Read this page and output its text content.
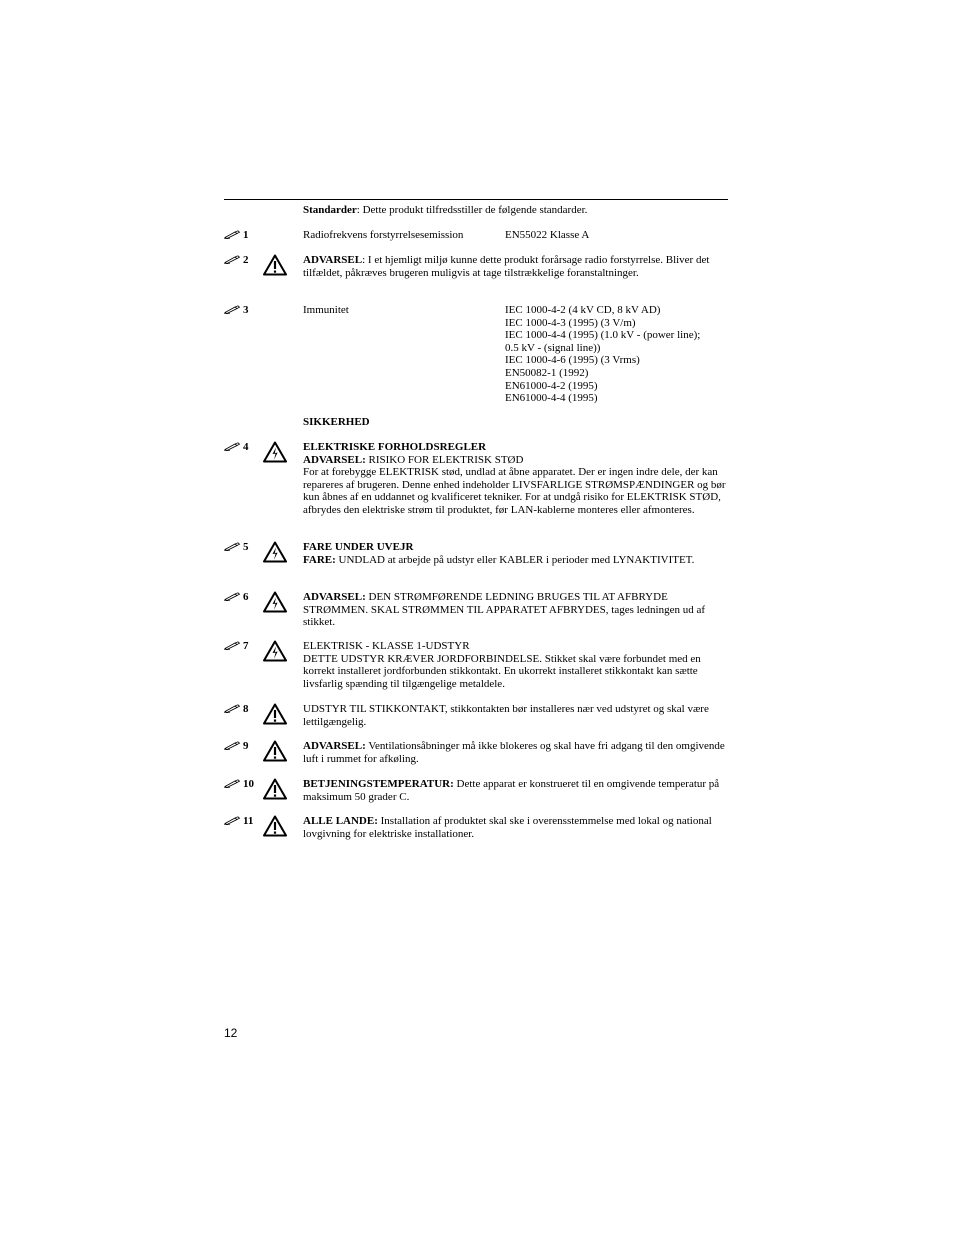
Standarder: Dette produkt tilfredsstiller de følgende standarder.
1	Radiofrekvens forstyrrelsesemission	EN55022 Klasse A
2	ADVARSEL: I et hjemligt miljø kunne dette produkt forårsage radio forstyrrelse. Bliver det tilfældet, påkræves brugeren muligvis at tage tilstrækkelige foranstaltninger.
3	Immunitet	IEC 1000-4-2 (4 kV CD, 8 kV AD)
IEC 1000-4-3 (1995) (3 V/m)
IEC 1000-4-4 (1995) (1.0 kV - (power line);
0.5 kV - (signal line))
IEC 1000-4-6 (1995) (3 Vrms)
EN50082-1 (1992)
EN61000-4-2 (1995)
EN61000-4-4 (1995)
SIKKERHED
4	ELEKTRISKE FORHOLDSREGLER
ADVARSEL: RISIKO FOR ELEKTRISK STØD
For at forebygge ELEKTRISK stød, undlad at åbne apparatet. Der er ingen indre dele, der kan repareres af brugeren. Denne enhed indeholder LIVSFARLIGE STRØMSPÆNDINGER og bør kun åbnes af en uddannet og kvalificeret tekniker. For at undgå risiko for ELEKTRISK STØD, afbrydes den elektriske strøm til produktet, før LAN-kablerne monteres eller afmonteres.
5	FARE UNDER UVEJR
FARE: UNDLAD at arbejde på udstyr eller KABLER i perioder med LYNAKTIVITET.
6	ADVARSEL: DEN STRØMFØRENDE LEDNING BRUGES TIL AT AFBRYDE STRØMMEN. SKAL STRØMMEN TIL APPARATET AFBRYDES, tages ledningen ud af stikket.
7	ELEKTRISK - KLASSE 1-UDSTYR
DETTE UDSTYR KRÆVER JORDFORBINDELSE. Stikket skal være forbundet med en korrekt installeret jordforbunden stikkontakt. En ukorrekt installeret stikkontakt kan sætte livsfarlig spænding til tilgængelige metaldele.
8	UDSTYR TIL STIKKONTAKT, stikkontakten bør installeres nær ved udstyret og skal være lettilgængelig.
9	ADVARSEL: Ventilationsåbninger må ikke blokeres og skal have fri adgang til den omgivende luft i rummet for afkøling.
10	BETJENINGSTEMPERATUR: Dette apparat er konstrueret til en omgivende temperatur på maksimum 50 grader C.
11	ALLE LANDE: Installation af produktet skal ske i overensstemmelse med lokal og national lovgivning for elektriske installationer.
12
